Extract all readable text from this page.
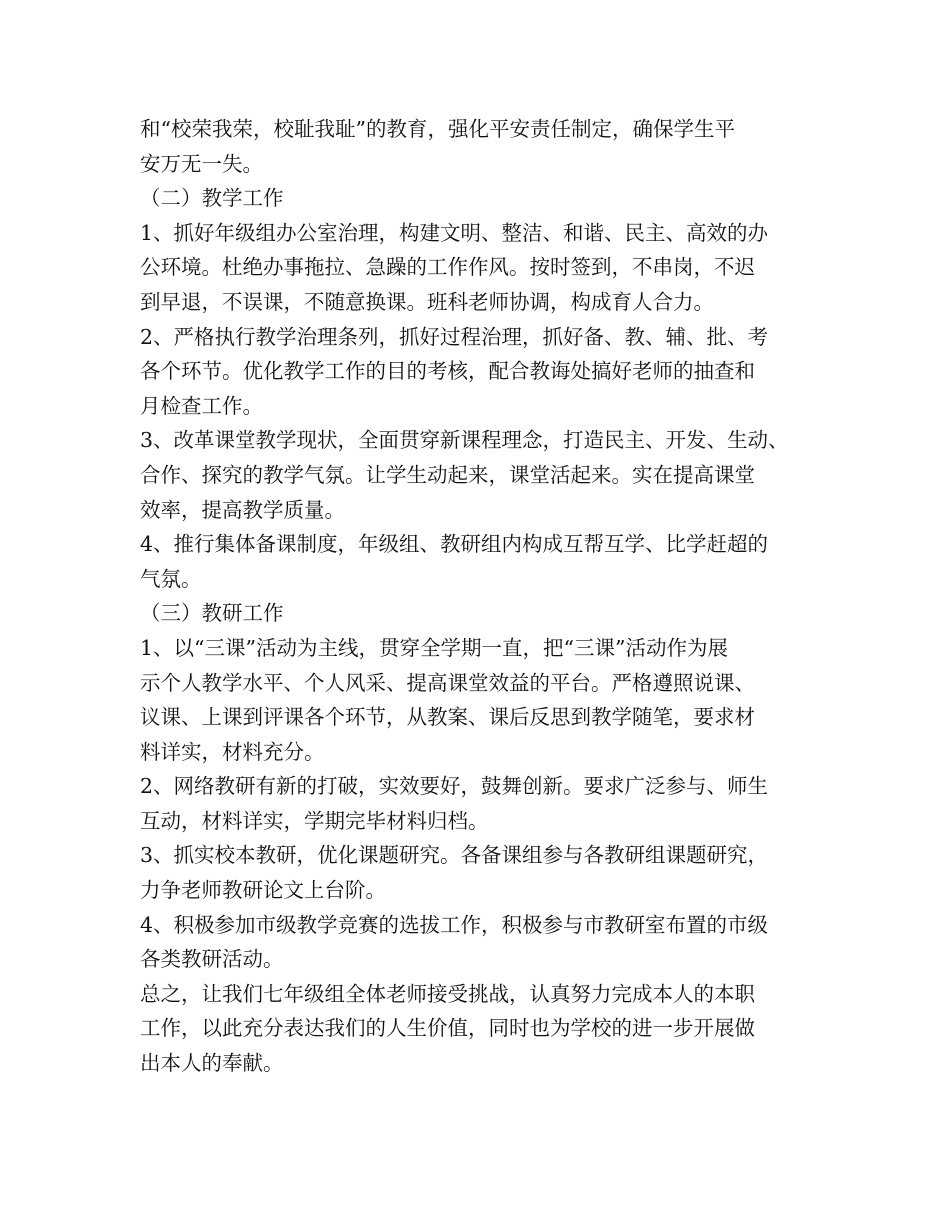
和“校荣我荣，校耻我耻”的教育，强化平安责任制定，确保学生平
安万无一失。
（二）教学工作
1、抓好年级组办公室治理，构建文明、整洁、和谐、民主、高效的办
公环境。杜绝办事拖拉、急躁的工作作风。按时签到，不串岗，不迟
到早退，不误课，不随意换课。班科老师协调，构成育人合力。
2、严格执行教学治理条列，抓好过程治理，抓好备、教、辅、批、考
各个环节。优化教学工作的目的考核，配合教诲处搞好老师的抽查和
月检查工作。
3、改革课堂教学现状，全面贯穿新课程理念，打造民主、开发、生动、
合作、探究的教学气氛。让学生动起来，课堂活起来。实在提高课堂
效率，提高教学质量。
4、推行集体备课制度，年级组、教研组内构成互帮互学、比学赶超的
气氛。
（三）教研工作
1、以“三课”活动为主线，贯穿全学期一直，把“三课”活动作为展
示个人教学水平、个人风采、提高课堂效益的平台。严格遵照说课、
议课、上课到评课各个环节，从教案、课后反思到教学随笔，要求材
料详实，材料充分。
2、网络教研有新的打破，实效要好，鼓舞创新。要求广泛参与、师生
互动，材料详实，学期完毕材料归档。
3、抓实校本教研，优化课题研究。各备课组参与各教研组课题研究，
力争老师教研论文上台阶。
4、积极参加市级教学竞赛的选拔工作，积极参与市教研室布置的市级
各类教研活动。
总之，让我们七年级组全体老师接受挑战，认真努力完成本人的本职
工作，以此充分表达我们的人生价值，同时也为学校的进一步开展做
出本人的奉献。
